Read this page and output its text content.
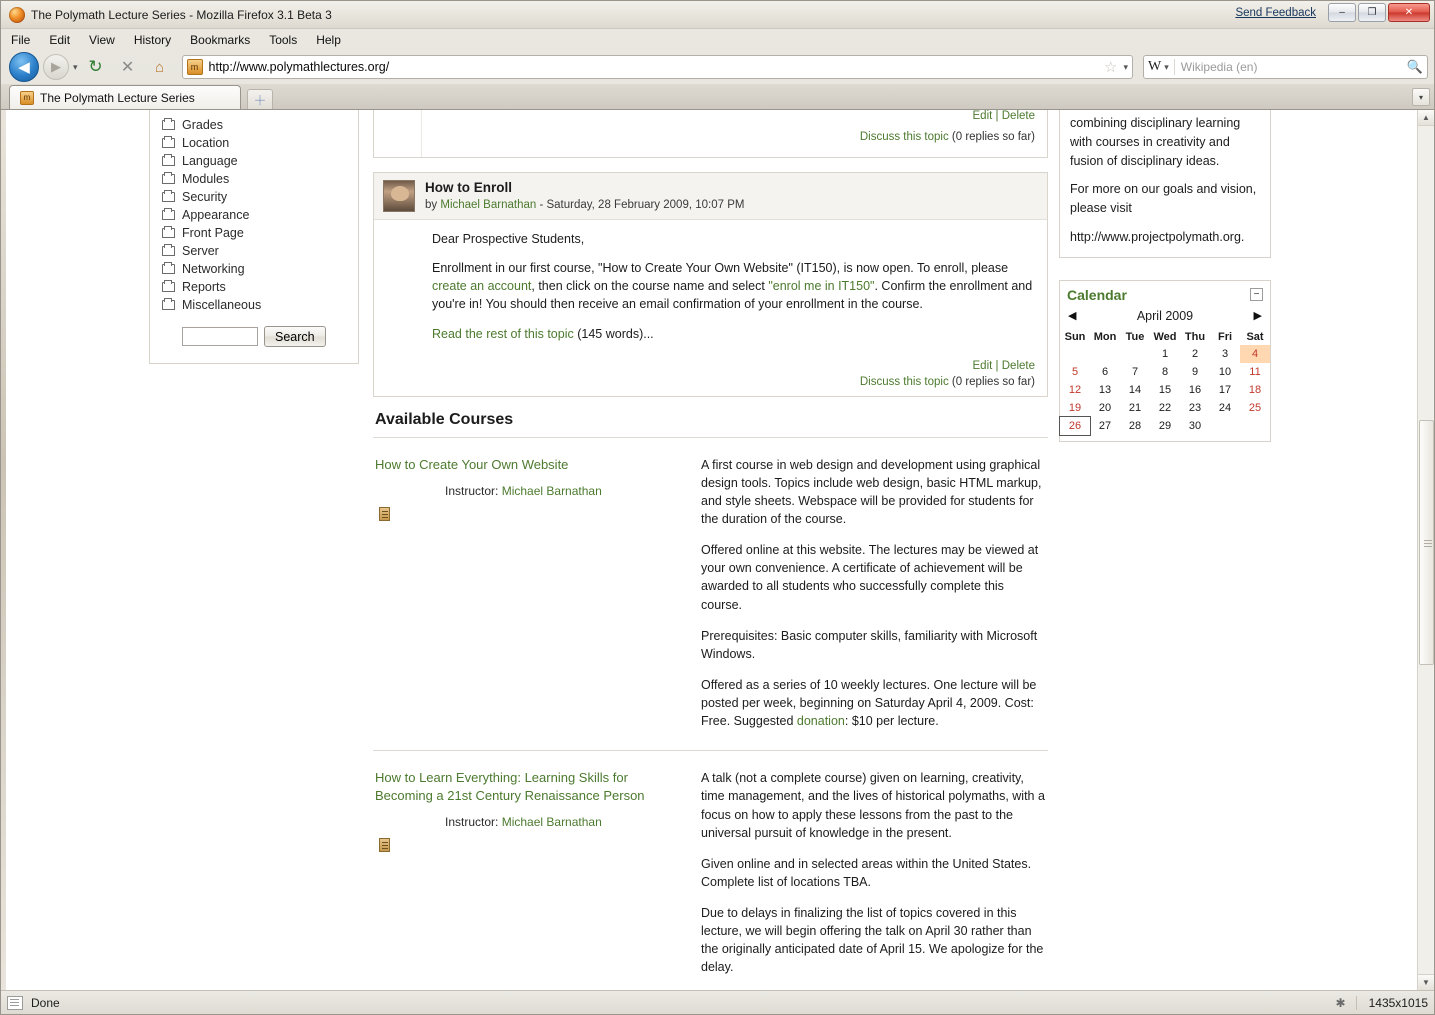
The Polymath Lecture Series - Mozilla Firefox 3.1 Beta 3	Send Feedback	–	❐	✕
File Edit View History Bookmarks Tools Help
◀	▶	▾ ↻	✕	⌂	m http://www.polymathlectures.org/	☆ ▾ W ▾ Wikipedia (en)	🔍
m The Polymath Lecture Series	＋	▾
Grades
Location
Language
Modules
Security
Appearance
Front Page
Server
Networking
Reports
Miscellaneous
Search
Edit | Delete
Discuss this topic (0 replies so far)
How to Enroll
by Michael Barnathan - Saturday, 28 February 2009, 10:07 PM

Dear Prospective Students,

Enrollment in our first course, "How to Create Your Own Website" (IT150), is now open. To enroll, please create an account, then click on the course name and select "enrol me in IT150". Confirm the enrollment and you're in! You should then receive an email confirmation of your enrollment in the course.

Read the rest of this topic (145 words)...

Edit | Delete
Discuss this topic (0 replies so far)
Available Courses
How to Create Your Own Website
Instructor: Michael Barnathan

A first course in web design and development using graphical design tools. Topics include web design, basic HTML markup, and style sheets. Webspace will be provided for students for the duration of the course.

Offered online at this website. The lectures may be viewed at your own convenience. A certificate of achievement will be awarded to all students who successfully complete this course.

Prerequisites: Basic computer skills, familiarity with Microsoft Windows.

Offered as a series of 10 weekly lectures. One lecture will be posted per week, beginning on Saturday April 4, 2009. Cost: Free. Suggested donation: $10 per lecture.

How to Learn Everything: Learning Skills for Becoming a 21st Century Renaissance Person
Instructor: Michael Barnathan

A talk (not a complete course) given on learning, creativity, time management, and the lives of historical polymaths, with a focus on how to apply these lessons from the past to the universal pursuit of knowledge in the present.

Given online and in selected areas within the United States. Complete list of locations TBA.

Due to delays in finalizing the list of topics covered in this lecture, we will begin offering the talk on April 30 rather than the originally anticipated date of April 15. We apologize for the delay.

combining disciplinary learning with courses in creativity and fusion of disciplinary ideas.

For more on our goals and vision, please visit

http://www.projectpolymath.org.

Calendar	−
◀	April 2009	▶
Sun	Mon	Tue	Wed	Thu	Fri	Sat
			1	2	3	4
5	6	7	8	9	10	11
12	13	14	15	16	17	18
19	20	21	22	23	24	25
26	27	28	29	30		
▲
▼
Done	✱	1435x1015
